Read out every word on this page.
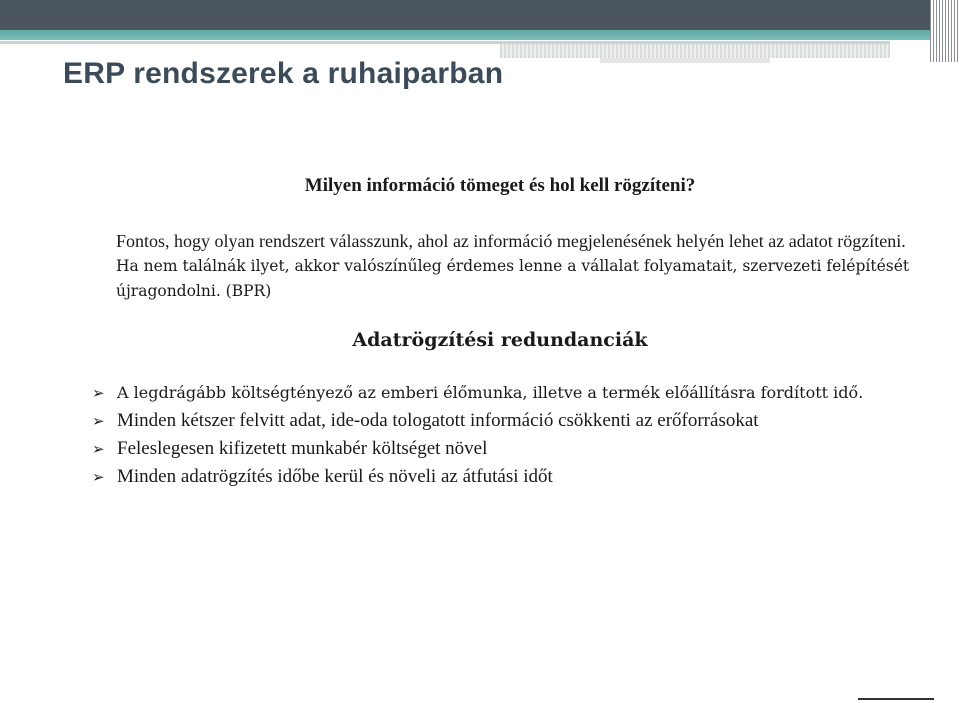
ERP rendszerek a ruhaiparban
Milyen információ tömeget és hol kell rögzíteni?

Fontos, hogy olyan rendszert válasszunk, ahol az információ megjelenésének helyén lehet az adatot rögzíteni. Ha nem találnák ilyet, akkor valószínűleg érdemes lenne a vállalat folyamatait, szervezeti felépítését újragondolni. (BPR)

Adatrögzítési redundanciák
➢ A legdrágább költségtényező az emberi élőmunka, illetve a termék előállításra fordított idő.
➢ Minden kétszer felvitt adat, ide-oda tologatott információ csökkenti az erőforrásokat
➢ Feleslegesen kifizetett munkabér költséget növel
➢ Minden adatrögzítés időbe kerül és növeli az átfutási időt
